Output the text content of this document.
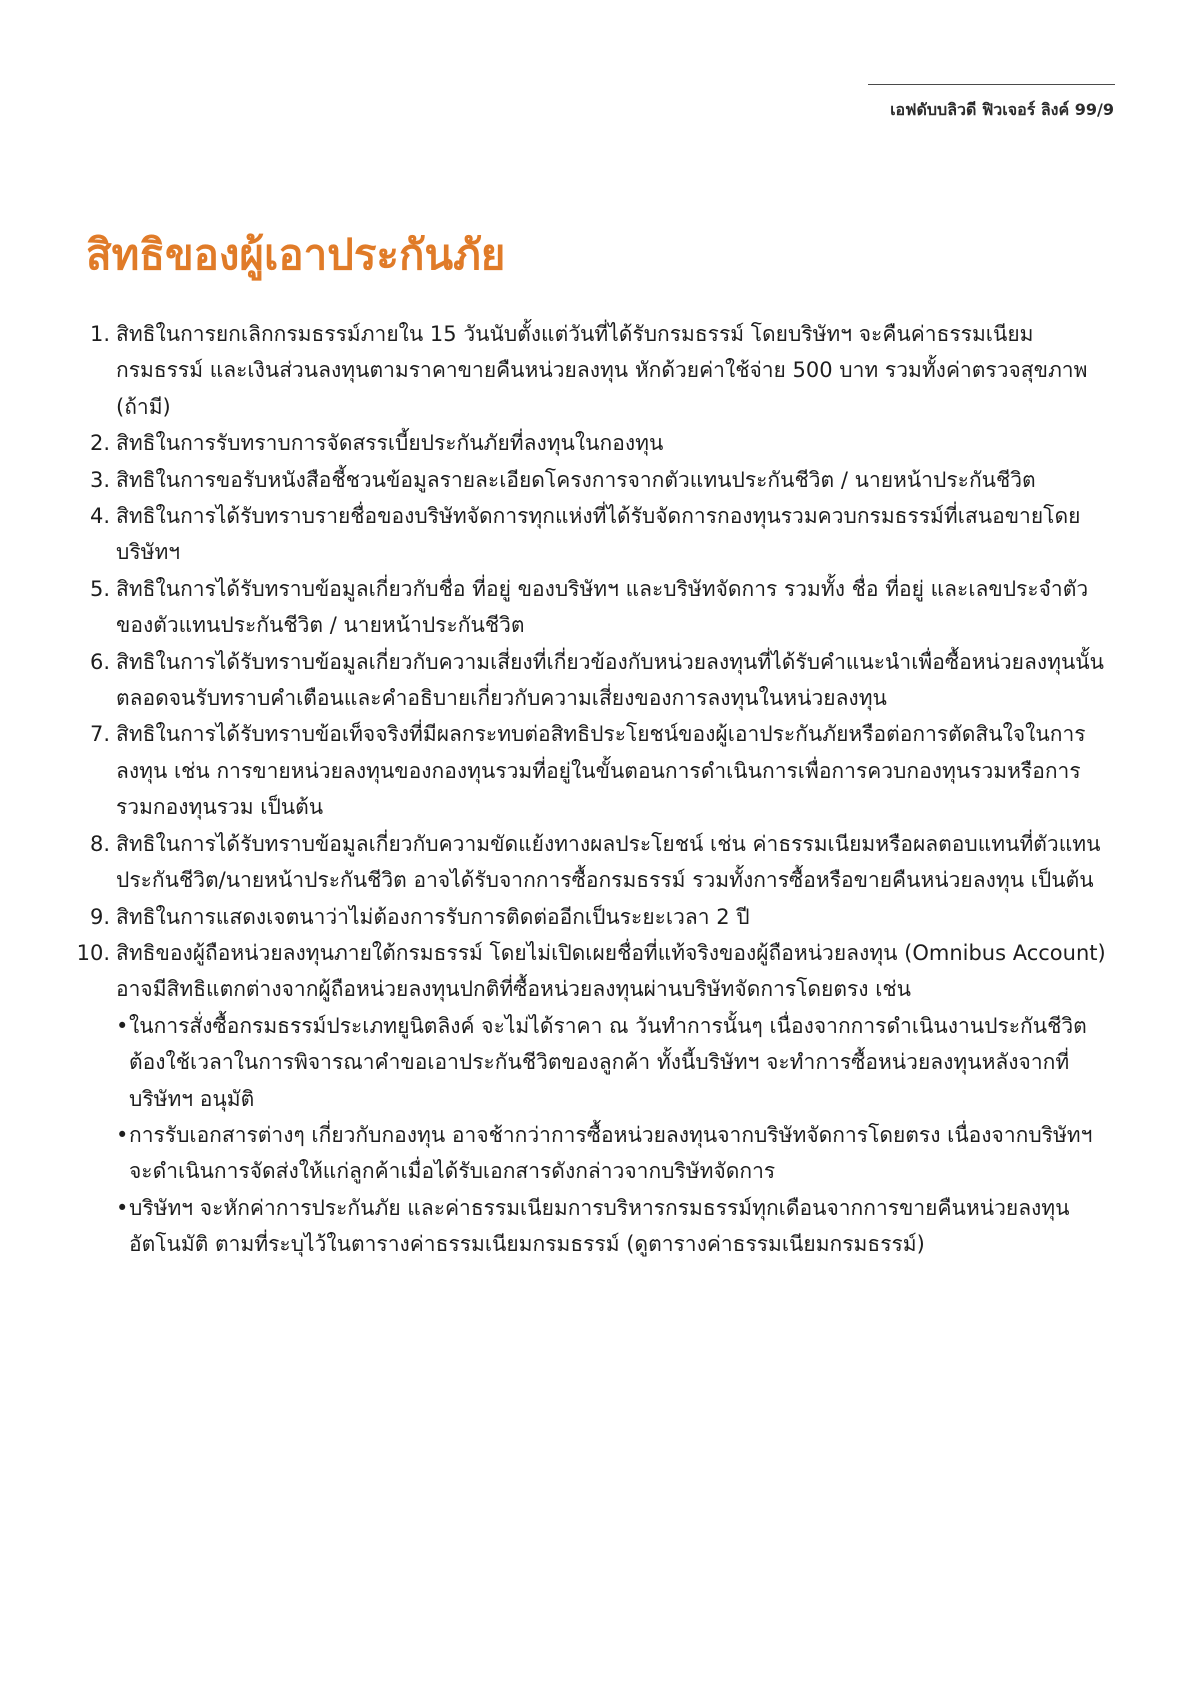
เอฟดับบลิวดี ฟิวเจอร์ ลิงค์ 99/9
สิทธิของผู้เอาประกันภัย
1. สิทธิในการยกเลิกกรมธรรม์ภายใน 15 วันนับตั้งแต่วันที่ได้รับกรมธรรม์ โดยบริษัทฯ จะคืนค่าธรรมเนียมกรมธรรม์ และเงินส่วนลงทุนตามราคาขายคืนหน่วยลงทุน หักด้วยค่าใช้จ่าย 500 บาท รวมทั้งค่าตรวจสุขภาพ (ถ้ามี)
2. สิทธิในการรับทราบการจัดสรรเบี้ยประกันภัยที่ลงทุนในกองทุน
3. สิทธิในการขอรับหนังสือชี้ชวนข้อมูลรายละเอียดโครงการจากตัวแทนประกันชีวิต / นายหน้าประกันชีวิต
4. สิทธิในการได้รับทราบรายชื่อของบริษัทจัดการทุกแห่งที่ได้รับจัดการกองทุนรวมควบกรมธรรม์ที่เสนอขายโดยบริษัทฯ
5. สิทธิในการได้รับทราบข้อมูลเกี่ยวกับชื่อ ที่อยู่ ของบริษัทฯ และบริษัทจัดการ รวมทั้ง ชื่อ ที่อยู่ และเลขประจำตัวของตัวแทนประกันชีวิต / นายหน้าประกันชีวิต
6. สิทธิในการได้รับทราบข้อมูลเกี่ยวกับความเสี่ยงที่เกี่ยวข้องกับหน่วยลงทุนที่ได้รับคำแนะนำเพื่อซื้อหน่วยลงทุนนั้น ตลอดจนรับทราบคำเตือนและคำอธิบายเกี่ยวกับความเสี่ยงของการลงทุนในหน่วยลงทุน
7. สิทธิในการได้รับทราบข้อเท็จจริงที่มีผลกระทบต่อสิทธิประโยชน์ของผู้เอาประกันภัยหรือต่อการตัดสินใจในการลงทุน เช่น การขายหน่วยลงทุนของกองทุนรวมที่อยู่ในขั้นตอนการดำเนินการเพื่อการควบกองทุนรวมหรือการรวมกองทุนรวม เป็นต้น
8. สิทธิในการได้รับทราบข้อมูลเกี่ยวกับความขัดแย้งทางผลประโยชน์ เช่น ค่าธรรมเนียมหรือผลตอบแทนที่ตัวแทนประกันชีวิต/นายหน้าประกันชีวิต อาจได้รับจากการซื้อกรมธรรม์ รวมทั้งการซื้อหรือขายคืนหน่วยลงทุน เป็นต้น
9. สิทธิในการแสดงเจตนาว่าไม่ต้องการรับการติดต่ออีกเป็นระยะเวลา 2 ปี
10. สิทธิของผู้ถือหน่วยลงทุนภายใต้กรมธรรม์ โดยไม่เปิดเผยชื่อที่แท้จริงของผู้ถือหน่วยลงทุน (Omnibus Account) อาจมีสิทธิแตกต่างจากผู้ถือหน่วยลงทุนปกติที่ซื้อหน่วยลงทุนผ่านบริษัทจัดการโดยตรง เช่น
• ในการสั่งซื้อกรมธรรม์ประเภทยูนิตลิงค์ จะไม่ได้ราคา ณ วันทำการนั้นๆ เนื่องจากการดำเนินงานประกันชีวิตต้องใช้เวลาในการพิจารณาคำขอเอาประกันชีวิตของลูกค้า ทั้งนี้บริษัทฯ จะทำการซื้อหน่วยลงทุนหลังจากที่บริษัทฯ อนุมัติ
• การรับเอกสารต่างๆ เกี่ยวกับกองทุน อาจช้ากว่าการซื้อหน่วยลงทุนจากบริษัทจัดการโดยตรง เนื่องจากบริษัทฯ จะดำเนินการจัดส่งให้แก่ลูกค้าเมื่อได้รับเอกสารดังกล่าวจากบริษัทจัดการ
• บริษัทฯ จะหักค่าการประกันภัย และค่าธรรมเนียมการบริหารกรมธรรม์ทุกเดือนจากการขายคืนหน่วยลงทุนอัตโนมัติ ตามที่ระบุไว้ในตารางค่าธรรมเนียมกรมธรรม์ (ดูตารางค่าธรรมเนียมกรมธรรม์)
